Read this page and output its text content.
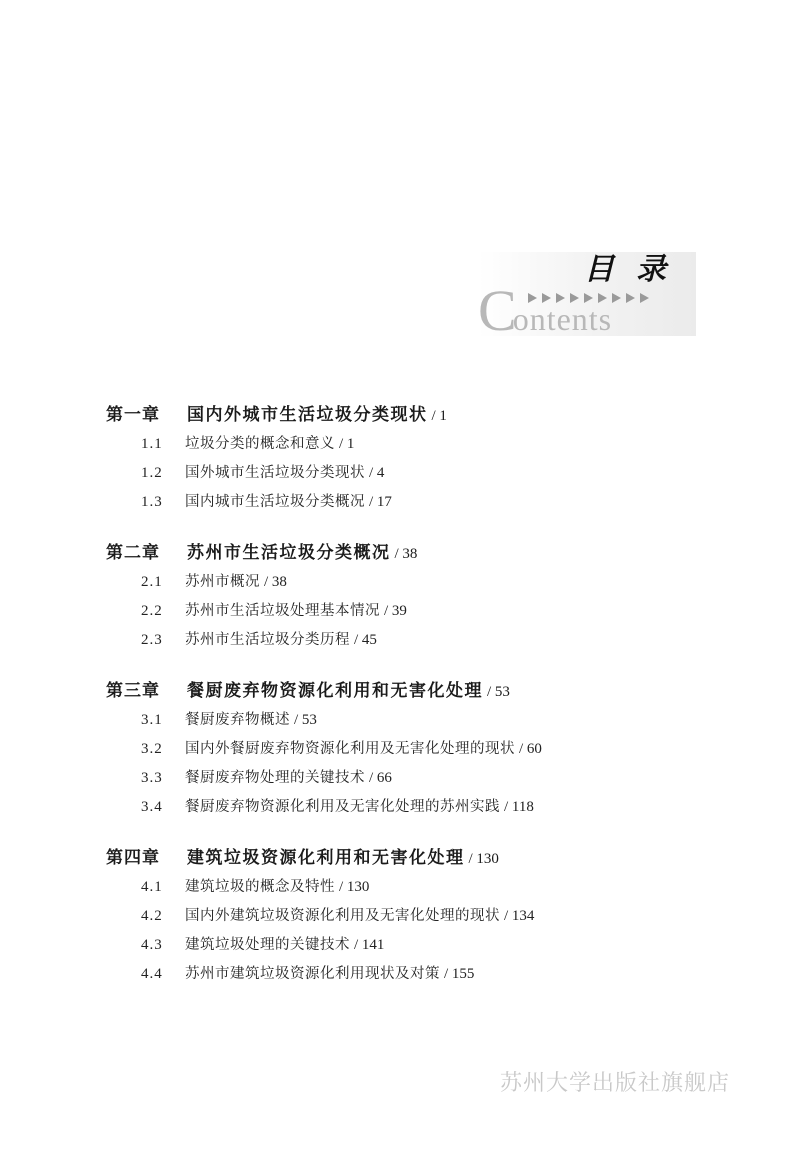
目录
Contents
第一章 国内外城市生活垃圾分类现状 / 1
1.1 垃圾分类的概念和意义 / 1
1.2 国外城市生活垃圾分类现状 / 4
1.3 国内城市生活垃圾分类概况 / 17
第二章 苏州市生活垃圾分类概况 / 38
2.1 苏州市概况 / 38
2.2 苏州市生活垃圾处理基本情况 / 39
2.3 苏州市生活垃圾分类历程 / 45
第三章 餐厨废弃物资源化利用和无害化处理 / 53
3.1 餐厨废弃物概述 / 53
3.2 国内外餐厨废弃物资源化利用及无害化处理的现状 / 60
3.3 餐厨废弃物处理的关键技术 / 66
3.4 餐厨废弃物资源化利用及无害化处理的苏州实践 / 118
第四章 建筑垃圾资源化利用和无害化处理 / 130
4.1 建筑垃圾的概念及特性 / 130
4.2 国内外建筑垃圾资源化利用及无害化处理的现状 / 134
4.3 建筑垃圾处理的关键技术 / 141
4.4 苏州市建筑垃圾资源化利用现状及对策 / 155
苏州大学出版社旗舰店
